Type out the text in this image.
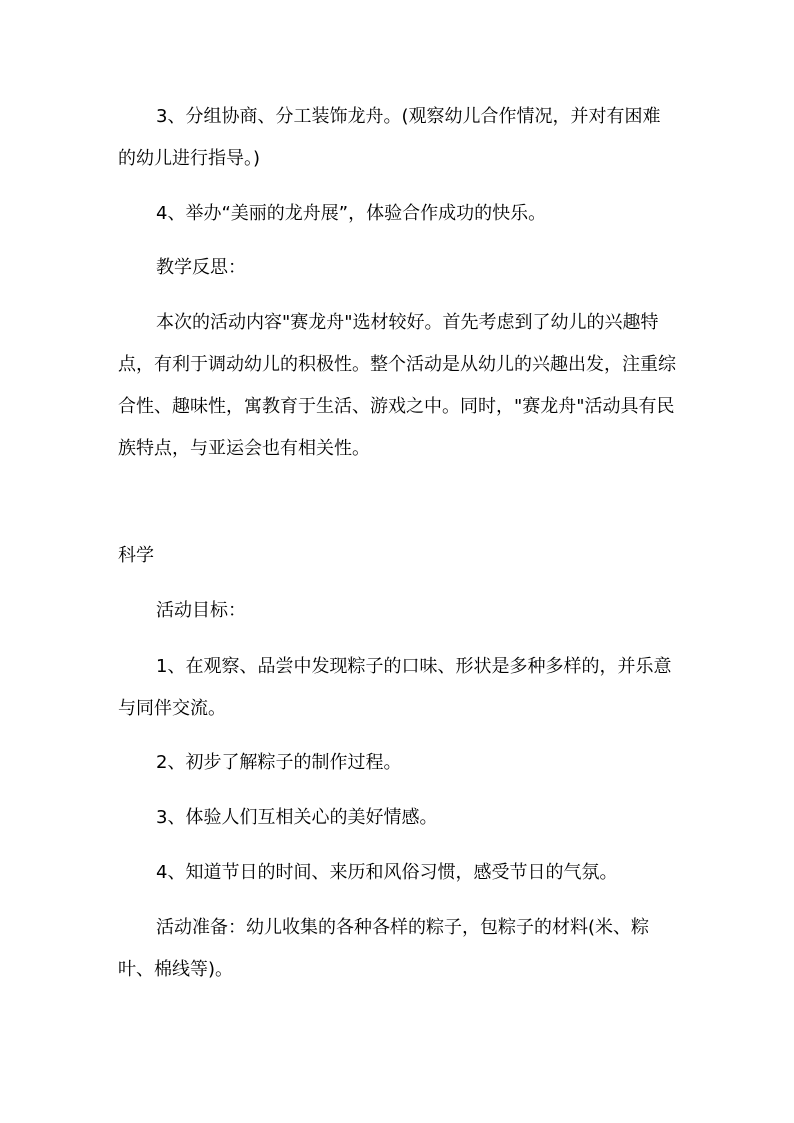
3、分组协商、分工装饰龙舟。(观察幼儿合作情况，并对有困难的幼儿进行指导。)

4、举办“美丽的龙舟展”，体验合作成功的快乐。

教学反思：

本次的活动内容"赛龙舟"选材较好。首先考虑到了幼儿的兴趣特点，有利于调动幼儿的积极性。整个活动是从幼儿的兴趣出发，注重综合性、趣味性，寓教育于生活、游戏之中。同时，"赛龙舟"活动具有民族特点，与亚运会也有相关性。

科学

活动目标：

1、在观察、品尝中发现粽子的口味、形状是多种多样的，并乐意与同伴交流。

2、初步了解粽子的制作过程。

3、体验人们互相关心的美好情感。

4、知道节日的时间、来历和风俗习惯，感受节日的气氛。

活动准备：幼儿收集的各种各样的粽子，包粽子的材料(米、粽叶、棉线等)。
